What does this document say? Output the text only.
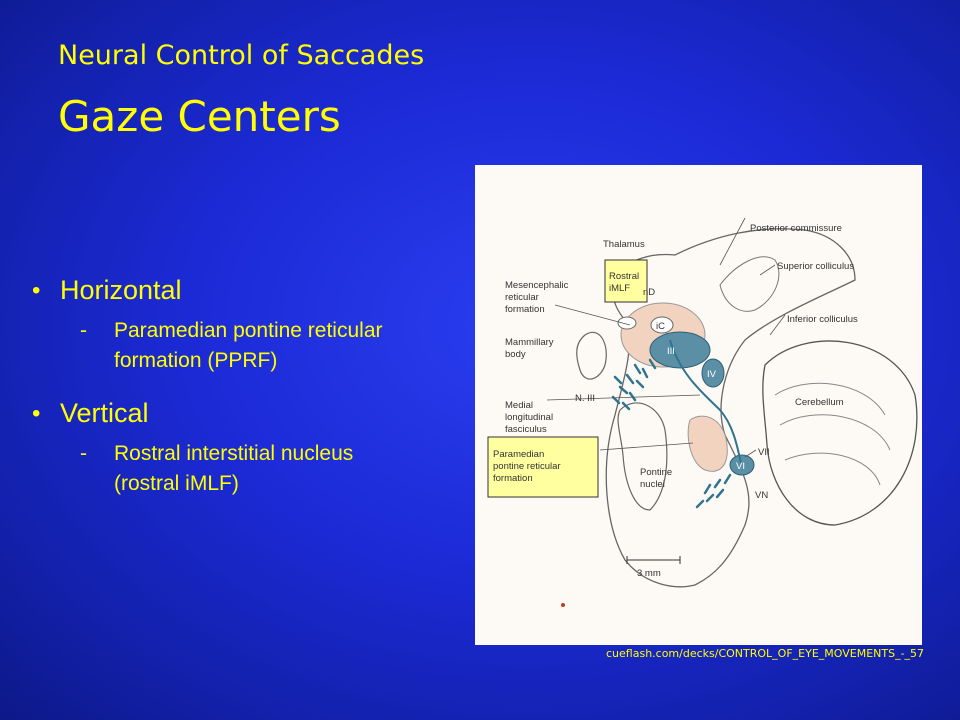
Neural Control of Saccades
Gaze Centers
• Horizontal
-	Paramedian pontine reticular formation (PPRF)
• Vertical
-	Rostral interstitial nucleus (rostral iMLF)
Thalamus
Posterior commissure
Superior colliculus
Inferior colliculus
Mesencephalic
reticular
formation
Mammillary
body
N. III
Medial
longitudinal
fasciculus
Cerebellum
VII
VN
Pontine
nuclei
III
IV
VI
iC
nD
Rostral
iMLF
Paramedian
pontine reticular
formation
3 mm
cueflash.com/decks/CONTROL_OF_EYE_MOVEMENTS_-_57
